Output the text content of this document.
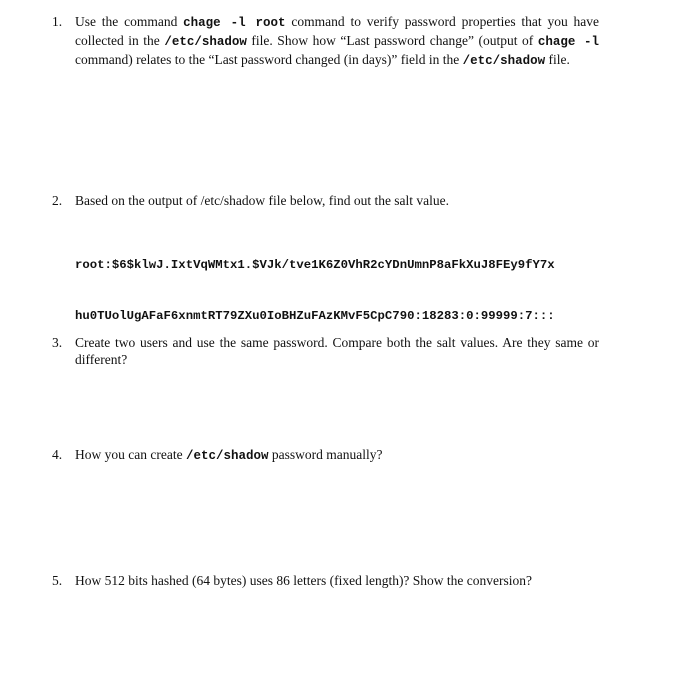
1. Use the command chage -l root command to verify password properties that you have collected in the /etc/shadow file. Show how “Last password change” (output of chage -l command) relates to the “Last password changed (in days)” field in the /etc/shadow file.
2. Based on the output of /etc/shadow file below, find out the salt value.

root:$6$klwJ.IxtVqWMtx1.$VJk/tve1K6Z0VhR2cYDnUmnP8aFkXuJ8FEy9fY7x

hu0TUolUgAFaF6xnmtRT79ZXu0IoBHZuFAzKMvF5CpC790:18283:0:99999:7:::

3. Create two users and use the same password. Compare both the salt values. Are they same or different?
4. How you can create /etc/shadow password manually?
5. How 512 bits hashed (64 bytes) uses 86 letters (fixed length)? Show the conversion?
